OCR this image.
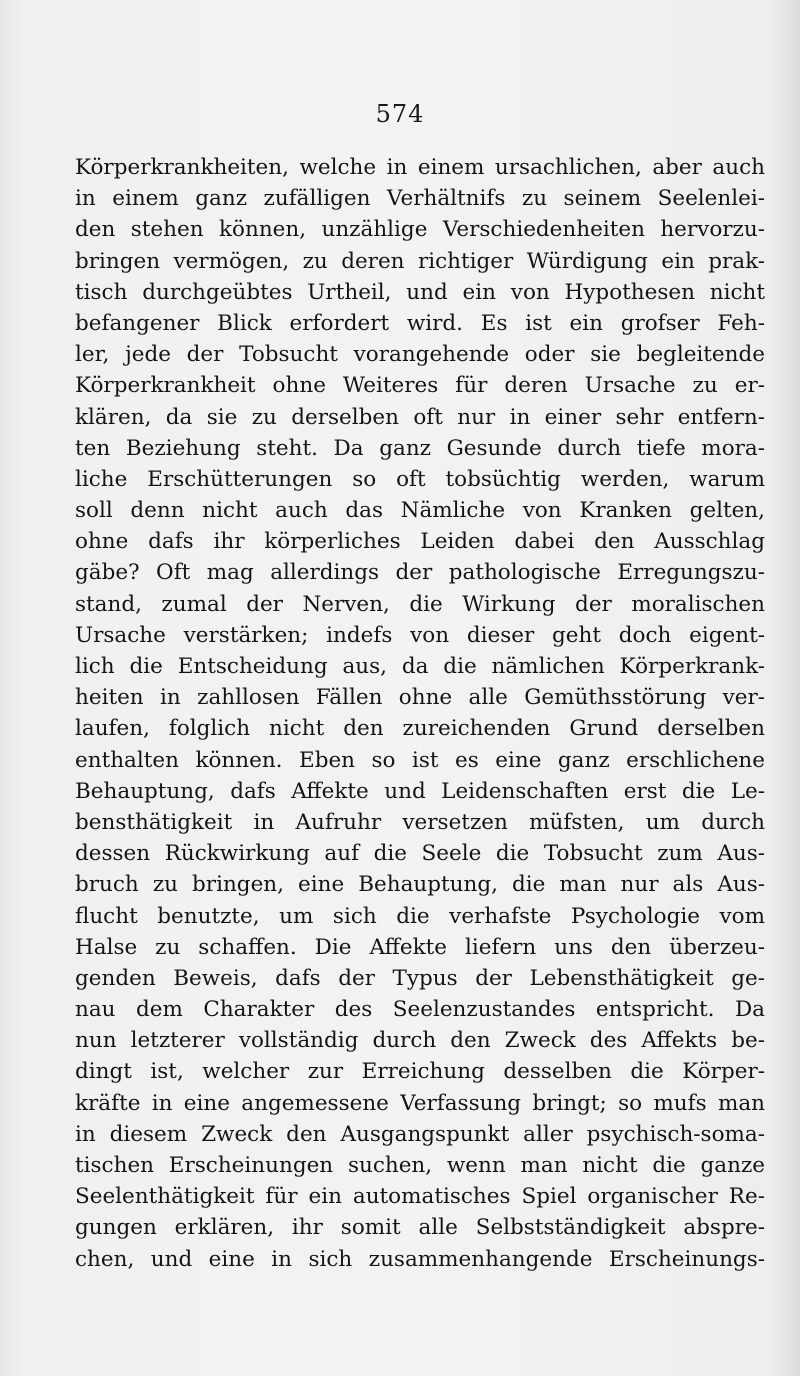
574
Körperkrankheiten, welche in einem ursachlichen, aber auch
in einem ganz zufälligen Verhältnifs zu seinem Seelenlei-
den stehen können, unzählige Verschiedenheiten hervorzu-
bringen vermögen, zu deren richtiger Würdigung ein prak-
tisch durchgeübtes Urtheil, und ein von Hypothesen nicht
befangener Blick erfordert wird. Es ist ein grofser Feh-
ler, jede der Tobsucht vorangehende oder sie begleitende
Körperkrankheit ohne Weiteres für deren Ursache zu er-
klären, da sie zu derselben oft nur in einer sehr entfern-
ten Beziehung steht. Da ganz Gesunde durch tiefe mora-
liche Erschütterungen so oft tobsüchtig werden, warum
soll denn nicht auch das Nämliche von Kranken gelten,
ohne dafs ihr körperliches Leiden dabei den Ausschlag
gäbe? Oft mag allerdings der pathologische Erregungszu-
stand, zumal der Nerven, die Wirkung der moralischen
Ursache verstärken; indefs von dieser geht doch eigent-
lich die Entscheidung aus, da die nämlichen Körperkrank-
heiten in zahllosen Fällen ohne alle Gemüthsstörung ver-
laufen, folglich nicht den zureichenden Grund derselben
enthalten können. Eben so ist es eine ganz erschlichene
Behauptung, dafs Affekte und Leidenschaften erst die Le-
bensthätigkeit in Aufruhr versetzen müfsten, um durch
dessen Rückwirkung auf die Seele die Tobsucht zum Aus-
bruch zu bringen, eine Behauptung, die man nur als Aus-
flucht benutzte, um sich die verhafste Psychologie vom
Halse zu schaffen. Die Affekte liefern uns den überzeu-
genden Beweis, dafs der Typus der Lebensthätigkeit ge-
nau dem Charakter des Seelenzustandes entspricht. Da
nun letzterer vollständig durch den Zweck des Affekts be-
dingt ist, welcher zur Erreichung desselben die Körper-
kräfte in eine angemessene Verfassung bringt; so mufs man
in diesem Zweck den Ausgangspunkt aller psychisch-soma-
tischen Erscheinungen suchen, wenn man nicht die ganze
Seelenthätigkeit für ein automatisches Spiel organischer Re-
gungen erklären, ihr somit alle Selbstständigkeit abspre-
chen, und eine in sich zusammenhangende Erscheinungs-
